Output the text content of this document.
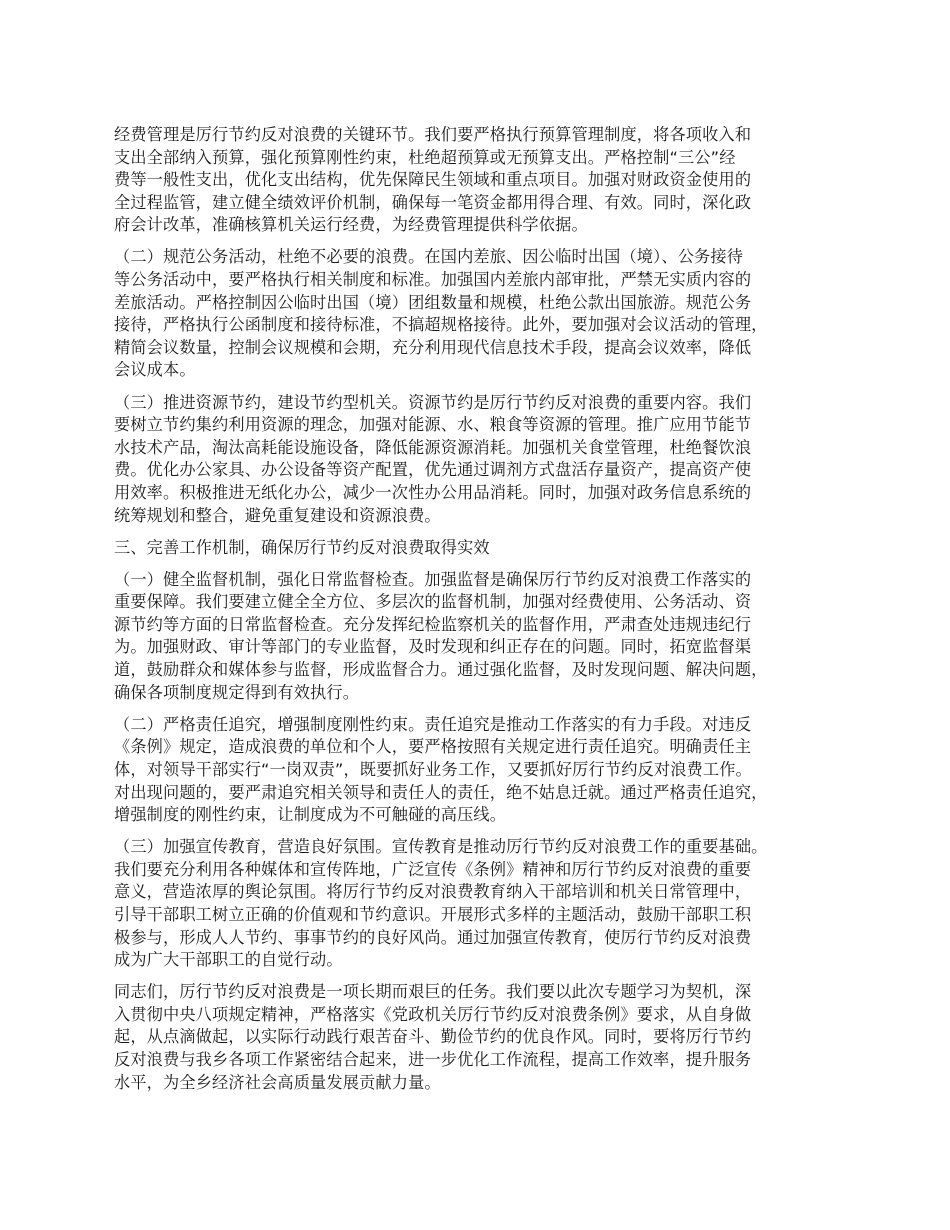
经费管理是厉行节约反对浪费的关键环节。我们要严格执行预算管理制度，将各项收入和
支出全部纳入预算，强化预算刚性约束，杜绝超预算或无预算支出。严格控制“三公”经
费等一般性支出，优化支出结构，优先保障民生领域和重点项目。加强对财政资金使用的
全过程监管，建立健全绩效评价机制，确保每一笔资金都用得合理、有效。同时，深化政
府会计改革，准确核算机关运行经费，为经费管理提供科学依据。

（二）规范公务活动，杜绝不必要的浪费。在国内差旅、因公临时出国（境）、公务接待
等公务活动中，要严格执行相关制度和标准。加强国内差旅内部审批，严禁无实质内容的
差旅活动。严格控制因公临时出国（境）团组数量和规模，杜绝公款出国旅游。规范公务
接待，严格执行公函制度和接待标准，不搞超规格接待。此外，要加强对会议活动的管理，
精简会议数量，控制会议规模和会期，充分利用现代信息技术手段，提高会议效率，降低
会议成本。

（三）推进资源节约，建设节约型机关。资源节约是厉行节约反对浪费的重要内容。我们
要树立节约集约利用资源的理念，加强对能源、水、粮食等资源的管理。推广应用节能节
水技术产品，淘汰高耗能设施设备，降低能源资源消耗。加强机关食堂管理，杜绝餐饮浪
费。优化办公家具、办公设备等资产配置，优先通过调剂方式盘活存量资产，提高资产使
用效率。积极推进无纸化办公，减少一次性办公用品消耗。同时，加强对政务信息系统的
统筹规划和整合，避免重复建设和资源浪费。

三、完善工作机制，确保厉行节约反对浪费取得实效

（一）健全监督机制，强化日常监督检查。加强监督是确保厉行节约反对浪费工作落实的
重要保障。我们要建立健全全方位、多层次的监督机制，加强对经费使用、公务活动、资
源节约等方面的日常监督检查。充分发挥纪检监察机关的监督作用，严肃查处违规违纪行
为。加强财政、审计等部门的专业监督，及时发现和纠正存在的问题。同时，拓宽监督渠
道，鼓励群众和媒体参与监督，形成监督合力。通过强化监督，及时发现问题、解决问题，
确保各项制度规定得到有效执行。

（二）严格责任追究，增强制度刚性约束。责任追究是推动工作落实的有力手段。对违反
《条例》规定，造成浪费的单位和个人，要严格按照有关规定进行责任追究。明确责任主
体，对领导干部实行“一岗双责”，既要抓好业务工作，又要抓好厉行节约反对浪费工作。
对出现问题的，要严肃追究相关领导和责任人的责任，绝不姑息迁就。通过严格责任追究，
增强制度的刚性约束，让制度成为不可触碰的高压线。

（三）加强宣传教育，营造良好氛围。宣传教育是推动厉行节约反对浪费工作的重要基础。
我们要充分利用各种媒体和宣传阵地，广泛宣传《条例》精神和厉行节约反对浪费的重要
意义，营造浓厚的舆论氛围。将厉行节约反对浪费教育纳入干部培训和机关日常管理中，
引导干部职工树立正确的价值观和节约意识。开展形式多样的主题活动，鼓励干部职工积
极参与，形成人人节约、事事节约的良好风尚。通过加强宣传教育，使厉行节约反对浪费
成为广大干部职工的自觉行动。

同志们，厉行节约反对浪费是一项长期而艰巨的任务。我们要以此次专题学习为契机，深
入贯彻中央八项规定精神，严格落实《党政机关厉行节约反对浪费条例》要求，从自身做
起，从点滴做起，以实际行动践行艰苦奋斗、勤俭节约的优良作风。同时，要将厉行节约
反对浪费与我乡各项工作紧密结合起来，进一步优化工作流程，提高工作效率，提升服务
水平，为全乡经济社会高质量发展贡献力量。
